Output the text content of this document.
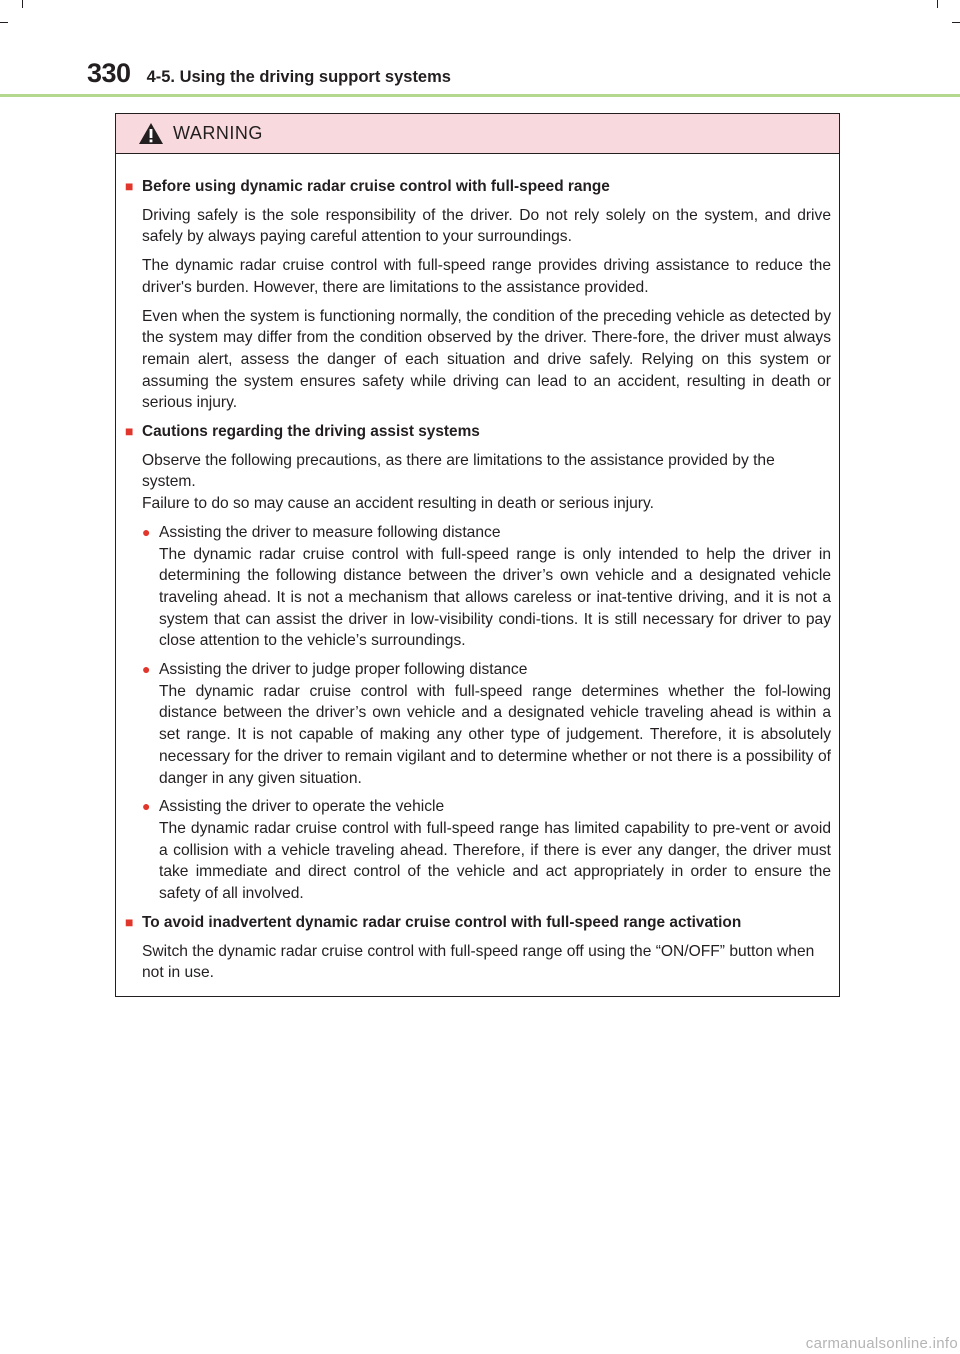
330 4-5. Using the driving support systems
WARNING
■ Before using dynamic radar cruise control with full-speed range
Driving safely is the sole responsibility of the driver. Do not rely solely on the system, and drive safely by always paying careful attention to your surroundings.
The dynamic radar cruise control with full-speed range provides driving assistance to reduce the driver's burden. However, there are limitations to the assistance provided.
Even when the system is functioning normally, the condition of the preceding vehicle as detected by the system may differ from the condition observed by the driver. There-fore, the driver must always remain alert, assess the danger of each situation and drive safely. Relying on this system or assuming the system ensures safety while driving can lead to an accident, resulting in death or serious injury.
■ Cautions regarding the driving assist systems
Observe the following precautions, as there are limitations to the assistance provided by the system.
Failure to do so may cause an accident resulting in death or serious injury.
● Assisting the driver to measure following distance
The dynamic radar cruise control with full-speed range is only intended to help the driver in determining the following distance between the driver’s own vehicle and a designated vehicle traveling ahead. It is not a mechanism that allows careless or inat-tentive driving, and it is not a system that can assist the driver in low-visibility condi-tions. It is still necessary for driver to pay close attention to the vehicle’s surroundings.
● Assisting the driver to judge proper following distance
The dynamic radar cruise control with full-speed range determines whether the fol-lowing distance between the driver’s own vehicle and a designated vehicle traveling ahead is within a set range. It is not capable of making any other type of judgement. Therefore, it is absolutely necessary for the driver to remain vigilant and to determine whether or not there is a possibility of danger in any given situation.
● Assisting the driver to operate the vehicle
The dynamic radar cruise control with full-speed range has limited capability to pre-vent or avoid a collision with a vehicle traveling ahead. Therefore, if there is ever any danger, the driver must take immediate and direct control of the vehicle and act appropriately in order to ensure the safety of all involved.
■ To avoid inadvertent dynamic radar cruise control with full-speed range activation
Switch the dynamic radar cruise control with full-speed range off using the “ON/OFF” button when not in use.
carmanualsonline.info
